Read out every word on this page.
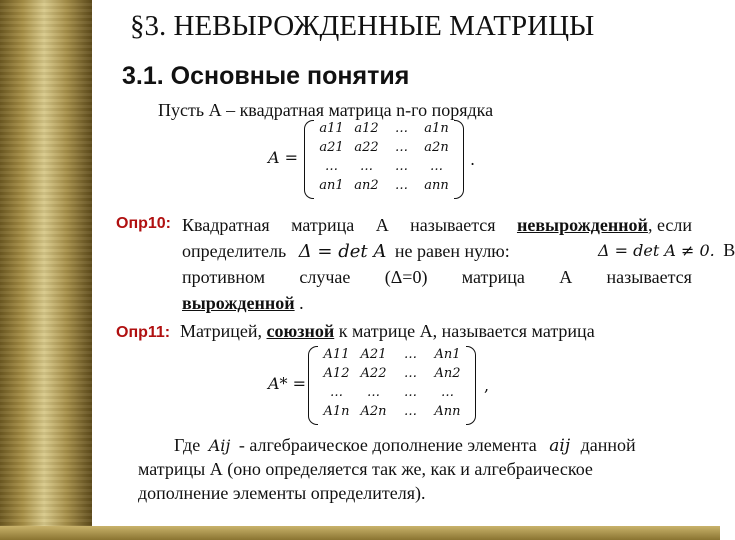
§3. НЕВЫРОЖДЕННЫЕ МАТРИЦЫ
3.1. Основные понятия
Пусть А – квадратная матрица n-го порядка
A =
a11 a12	…	a1n
a21 a22	…	a2n
…	…	…	…
an1 an2	…	ann
.
Опр10: Квадратная матрица А называется невырожденной, если
определитель Δ = det A не равен нулю:
противном случае (Δ=0) матрица А называется
вырожденной .
Δ = det A ≠ 0. В
Опр11: Матрицей, союзной к матрице А, называется матрица
A* =
A11 A21	…	An1
A12 A22	…	An2
…	…	…	…
A1n A2n	…	Ann
,
Где Aij - алгебраическое дополнение элемента aij данной
матрицы А (оно определяется так же, как и алгебраическое
дополнение элементы определителя).
